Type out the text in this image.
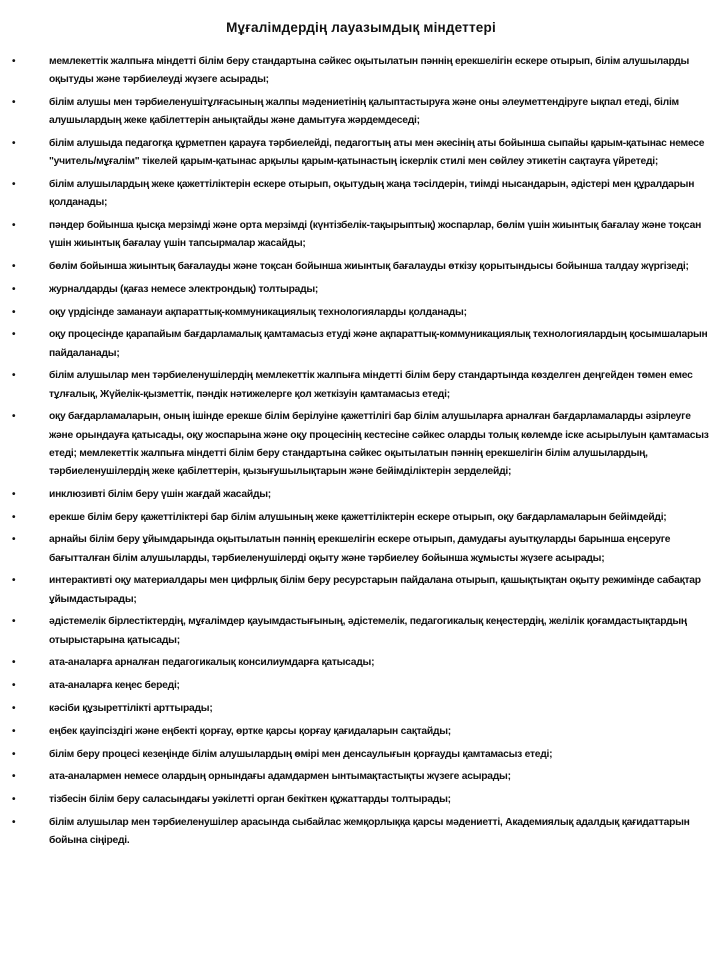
Мұғалімдердің лауазымдық міндеттері
•	мемлекеттік жалпыға міндетті білім беру стандартына сәйкес оқытылатын пәннің ерекшелігін ескере отырып, білім алушыларды оқытуды және тәрбиелеуді жүзеге асырады;
•	білім алушы мен тәрбиеленушітұлғасының жалпы мәдениетінің қалыптастыруға және оны әлеуметтендіруге ықпал етеді, білім алушылардың жеке қабілеттерін анықтайды және дамытуға жәрдемдеседі;
•	білім алушыда педагогқа құрметпен қарауға тәрбиелейді, педагогтың аты мен әкесінің аты бойынша сыпайы қарым-қатынас немесе "учитель/мұғалім" тікелей қарым-қатынас арқылы қарым-қатынастың іскерлік стилі мен сөйлеу этикетін сақтауға үйретеді;
•	білім алушылардың жеке қажеттіліктерін ескере отырып, оқытудың жаңа тәсілдерін, тиімді нысандарын, әдістері мен құралдарын қолданады;
•	пәндер бойынша қысқа мерзімді және орта мерзімді (күнтізбелік-тақырыптық) жоспарлар, бөлім үшін жиынтық бағалау және тоқсан үшін жиынтық бағалау үшін тапсырмалар жасайды;
•	бөлім бойынша жиынтық бағалауды және тоқсан бойынша жиынтық бағалауды өткізу қорытындысы бойынша талдау жүргізеді;
•	журналдарды (қағаз немесе электрондық) толтырады;
•	оқу үрдісінде заманауи ақпараттық-коммуникациялық технологияларды қолданады;
•	оқу процесінде қарапайым бағдарламалық қамтамасыз етуді және ақпараттық-коммуникациялық технологиялардың қосымшаларын пайдаланады;
•	білім алушылар мен тәрбиеленушілердің мемлекеттік жалпыға міндетті білім беру стандартында көзделген деңгейден төмен емес тұлғалық, Жүйелік-қызметтік, пәндік нәтижелерге қол жеткізуін қамтамасыз етеді;
•	оқу бағдарламаларын, оның ішінде ерекше білім берілуіне қажеттілігі бар білім алушыларға арналған бағдарламаларды әзірлеуге және орындауға қатысады, оқу жоспарына және оқу процесінің кестесіне сәйкес оларды толық көлемде іске асырылуын қамтамасыз етеді; мемлекеттік жалпыға міндетті білім беру стандартына сәйкес оқытылатын пәннің ерекшелігін білім алушылардың, тәрбиеленушілердің жеке қабілеттерін, қызығушылықтарын және бейімділіктерін зерделейді;
•	инклюзивті білім беру үшін жағдай жасайды;
•	ерекше білім беру қажеттіліктері бар білім алушының жеке қажеттіліктерін ескере отырып, оқу бағдарламаларын бейімдейді;
•	арнайы білім беру ұйымдарында оқытылатын пәннің ерекшелігін ескере отырып, дамудағы ауытқуларды барынша еңсеруге бағытталған білім алушыларды, тәрбиеленушілерді оқыту және тәрбиелеу бойынша жұмысты жүзеге асырады;
•	интерактивті оқу материалдары мен цифрлық білім беру ресурстарын пайдалана отырып, қашықтықтан оқыту режимінде сабақтар ұйымдастырады;
•	әдістемелік бірлестіктердің, мұғалімдер қауымдастығының, әдістемелік, педагогикалық кеңестердің, желілік қоғамдастықтардың отырыстарына қатысады;
•	ата-аналарға арналған педагогикалық консилиумдарға қатысады;
•	ата-аналарға кеңес береді;
•	кәсіби құзыреттілікті арттырады;
•	еңбек қауіпсіздігі және еңбекті қорғау, өртке қарсы қорғау қағидаларын сақтайды;
•	білім беру процесі кезеңінде білім алушылардың өмірі мен денсаулығын қорғауды қамтамасыз етеді;
•	ата-аналармен немесе олардың орнындағы адамдармен ынтымақтастықты жүзеге асырады;
•	тізбесін білім беру саласындағы уәкілетті орган бекіткен құжаттарды толтырады;
•	білім алушылар мен тәрбиеленушілер арасында сыбайлас жемқорлыққа қарсы мәдениетті, Академиялық адалдық қағидаттарын бойына сіңіреді.
